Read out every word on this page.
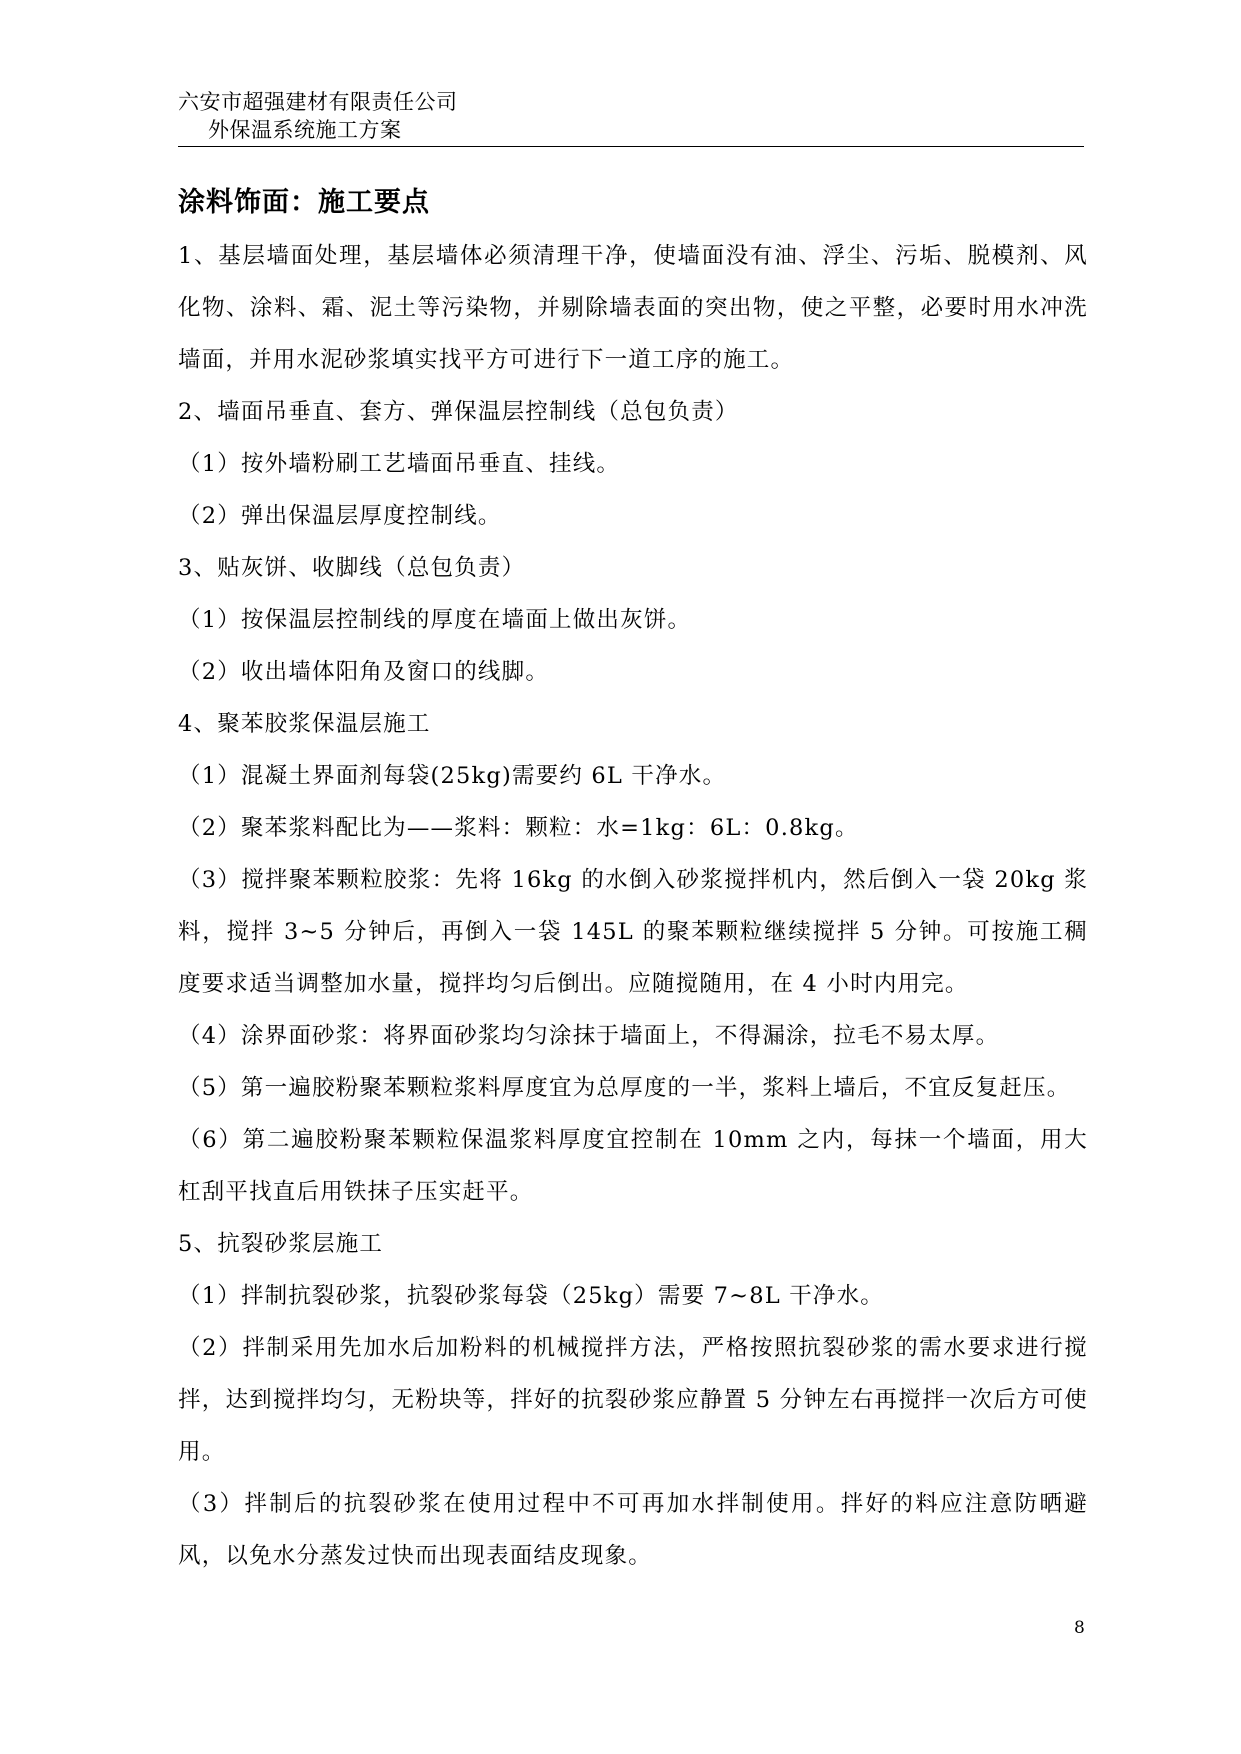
六安市超强建材有限责任公司
外保温系统施工方案
涂料饰面：施工要点

1、基层墙面处理，基层墙体必须清理干净，使墙面没有油、浮尘、污垢、脱模剂、风化物、涂料、霜、泥土等污染物，并剔除墙表面的突出物，使之平整，必要时用水冲洗墙面，并用水泥砂浆填实找平方可进行下一道工序的施工。

2、墙面吊垂直、套方、弹保温层控制线（总包负责）

（1）按外墙粉刷工艺墙面吊垂直、挂线。

（2）弹出保温层厚度控制线。

3、贴灰饼、收脚线（总包负责）

（1）按保温层控制线的厚度在墙面上做出灰饼。

（2）收出墙体阳角及窗口的线脚。

4、聚苯胶浆保温层施工

（1）混凝土界面剂每袋(25kg)需要约 6L 干净水。

（2）聚苯浆料配比为——浆料：颗粒：水=1kg：6L：0.8kg。

（3）搅拌聚苯颗粒胶浆：先将 16kg 的水倒入砂浆搅拌机内，然后倒入一袋 20kg 浆料，搅拌 3~5 分钟后，再倒入一袋 145L 的聚苯颗粒继续搅拌 5 分钟。可按施工稠度要求适当调整加水量，搅拌均匀后倒出。应随搅随用，在 4 小时内用完。

（4）涂界面砂浆：将界面砂浆均匀涂抹于墙面上，不得漏涂，拉毛不易太厚。

（5）第一遍胶粉聚苯颗粒浆料厚度宜为总厚度的一半，浆料上墙后，不宜反复赶压。

（6）第二遍胶粉聚苯颗粒保温浆料厚度宜控制在 10mm 之内，每抹一个墙面，用大杠刮平找直后用铁抹子压实赶平。

5、抗裂砂浆层施工

（1）拌制抗裂砂浆，抗裂砂浆每袋（25kg）需要 7~8L 干净水。

（2）拌制采用先加水后加粉料的机械搅拌方法，严格按照抗裂砂浆的需水要求进行搅拌，达到搅拌均匀，无粉块等，拌好的抗裂砂浆应静置 5 分钟左右再搅拌一次后方可使用。

（3）拌制后的抗裂砂浆在使用过程中不可再加水拌制使用。拌好的料应注意防晒避风，以免水分蒸发过快而出现表面结皮现象。

8
